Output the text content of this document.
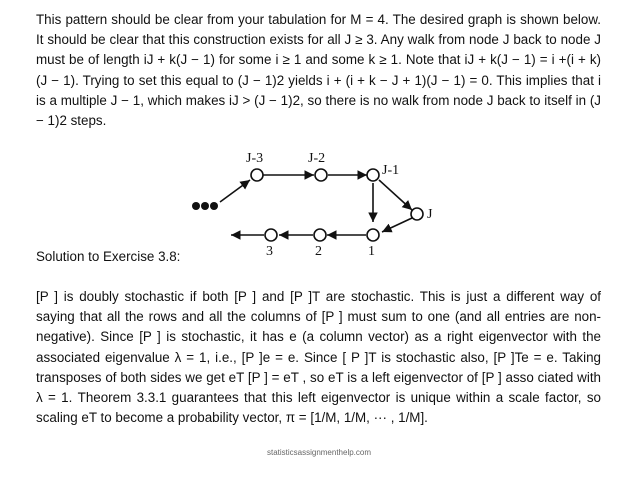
This pattern should be clear from your tabulation for M = 4. The desired graph is shown below. It should be clear that this construction exists for all J ≥ 3. Any walk from node J back to node J must be of length iJ + k(J − 1) for some i ≥ 1 and some k ≥ 1. Note that iJ + k(J − 1) = i +(i + k)(J − 1). Trying to set this equal to (J − 1)2 yields i + (i + k − J + 1)(J − 1) = 0. This implies that i is a multiple J − 1, which makes iJ > (J − 1)2, so there is no walk from node J back to itself in (J − 1)2 steps.
J-3	J-2
J-1
J
1
2
3
Solution to Exercise 3.8:
[P ] is doubly stochastic if both [P ] and [P ]T are stochastic. This is just a different way of saying that all the rows and all the columns of [P ] must sum to one (and all entries are non-negative). Since [P ] is stochastic, it has e (a column vector) as a right eigenvector with the associated eigenvalue λ = 1, i.e., [P ]e = e. Since [ P ]T is stochastic also, [P ]Te = e. Taking transposes of both sides we get eT [P ] = eT , so eT is a left eigenvector of [P ] asso ciated with λ = 1. Theorem 3.3.1 guarantees that this left eigenvector is unique within a scale factor, so scaling eT to become a probability vector, π = [1/M, 1/M, ··· , 1/M].
statisticsassignmenthelp.com
